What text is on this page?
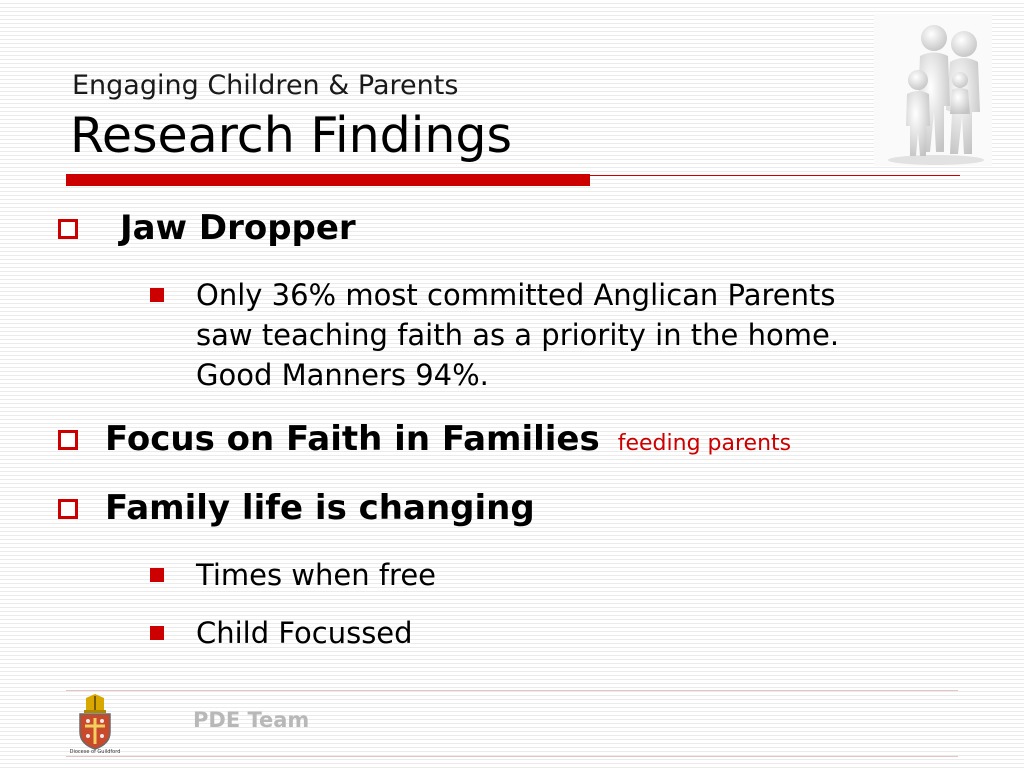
Engaging Children & Parents
Research Findings
Jaw Dropper
Only 36% most committed Anglican Parents
saw teaching faith as a priority in the home.
Good Manners 94%.
Focus on Faith in Families feeding parents
Family life is changing
Times when free
Child Focussed
Diocese of Guildford
PDE Team
